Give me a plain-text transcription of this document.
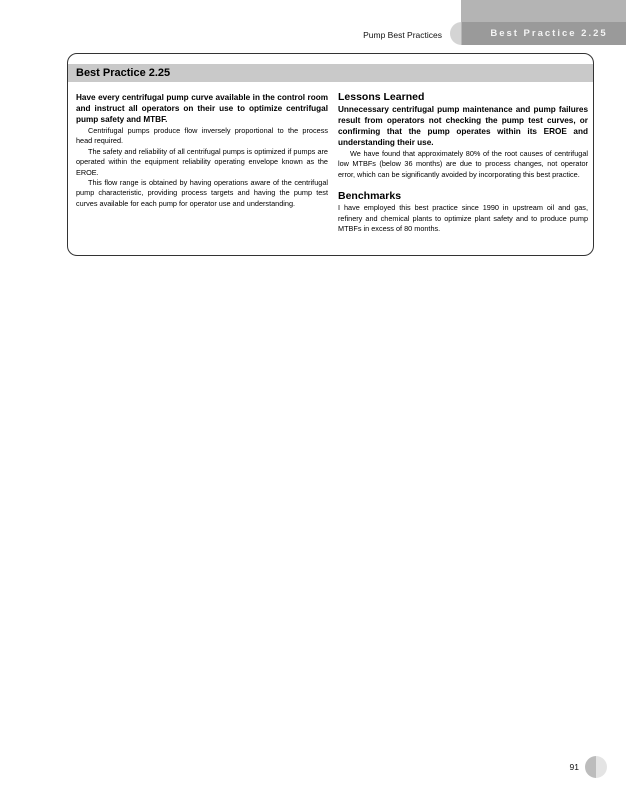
Pump Best Practices	Best Practice 2.25
Best Practice 2.25

Have every centrifugal pump curve available in the control room and instruct all operators on their use to optimize centrifugal pump safety and MTBF.

Centrifugal pumps produce flow inversely proportional to the process head required.

The safety and reliability of all centrifugal pumps is optimized if pumps are operated within the equipment reliability operating envelope known as the EROE.

This flow range is obtained by having operations aware of the centrifugal pump characteristic, providing process targets and having the pump test curves available for each pump for operator use and understanding.

Lessons Learned

Unnecessary centrifugal pump maintenance and pump failures result from operators not checking the pump test curves, or confirming that the pump operates within its EROE and understanding their use.

We have found that approximately 80% of the root causes of centrifugal low MTBFs (below 36 months) are due to process changes, not operator error, which can be significantly avoided by incorporating this best practice.

Benchmarks

I have employed this best practice since 1990 in upstream oil and gas, refinery and chemical plants to optimize plant safety and to produce pump MTBFs in excess of 80 months.

91
